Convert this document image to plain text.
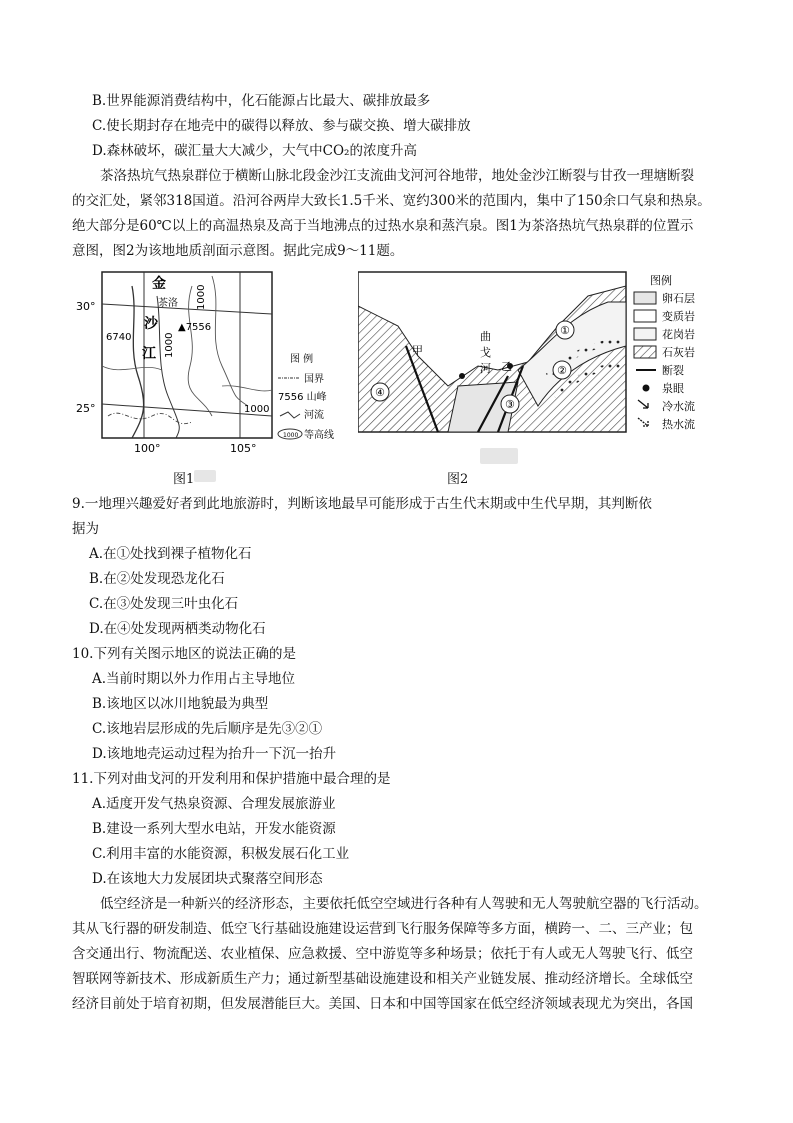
B.世界能源消费结构中，化石能源占比最大、碳排放最多
C.使长期封存在地壳中的碳得以释放、参与碳交换、增大碳排放
D.森林破坏，碳汇量大大减少，大气中CO₂的浓度升高
茶洛热坑气热泉群位于横断山脉北段金沙江支流曲戈河河谷地带，地处金沙江断裂与甘孜一理塘断裂
的交汇处，紧邻318国道。沿河谷两岸大致长1.5千米、宽约300米的范围内，集中了150余口气泉和热泉。
绝大部分是60℃以上的高温热泉及高于当地沸点的过热水泉和蒸汽泉。图1为茶洛热坑气热泉群的位置示
意图，图2为该地地质剖面示意图。据此完成9～11题。
30°
25°
100°	105°
金
沙
江
茶洛
6740
▲7556
1000
1000
1000
图 例
国界
7556 山峰
河流
1000 等高线
甲
乙
曲
戈
河
①
②
③
④
图例
卵石层
变质岩
花岗岩
石灰岩
断裂
泉眼
冷水流
热水流
图1	图2
9.一地理兴趣爱好者到此地旅游时，判断该地最早可能形成于古生代末期或中生代早期，其判断依
据为
A.在①处找到裸子植物化石
B.在②处发现恐龙化石
C.在③处发现三叶虫化石
D.在④处发现两栖类动物化石
10.下列有关图示地区的说法正确的是
A.当前时期以外力作用占主导地位
B.该地区以冰川地貌最为典型
C.该地岩层形成的先后顺序是先③②①
D.该地地壳运动过程为抬升一下沉一抬升
11.下列对曲戈河的开发利用和保护措施中最合理的是
A.适度开发气热泉资源、合理发展旅游业
B.建设一系列大型水电站，开发水能资源
C.利用丰富的水能资源，积极发展石化工业
D.在该地大力发展团块式聚落空间形态
低空经济是一种新兴的经济形态，主要依托低空空域进行各种有人驾驶和无人驾驶航空器的飞行活动。
其从飞行器的研发制造、低空飞行基础设施建设运营到飞行服务保障等多方面，横跨一、二、三产业；包
含交通出行、物流配送、农业植保、应急救援、空中游览等多种场景；依托于有人或无人驾驶飞行、低空
智联网等新技术、形成新质生产力；通过新型基础设施建设和相关产业链发展、推动经济增长。全球低空
经济目前处于培育初期，但发展潜能巨大。美国、日本和中国等国家在低空经济领域表现尤为突出，各国
